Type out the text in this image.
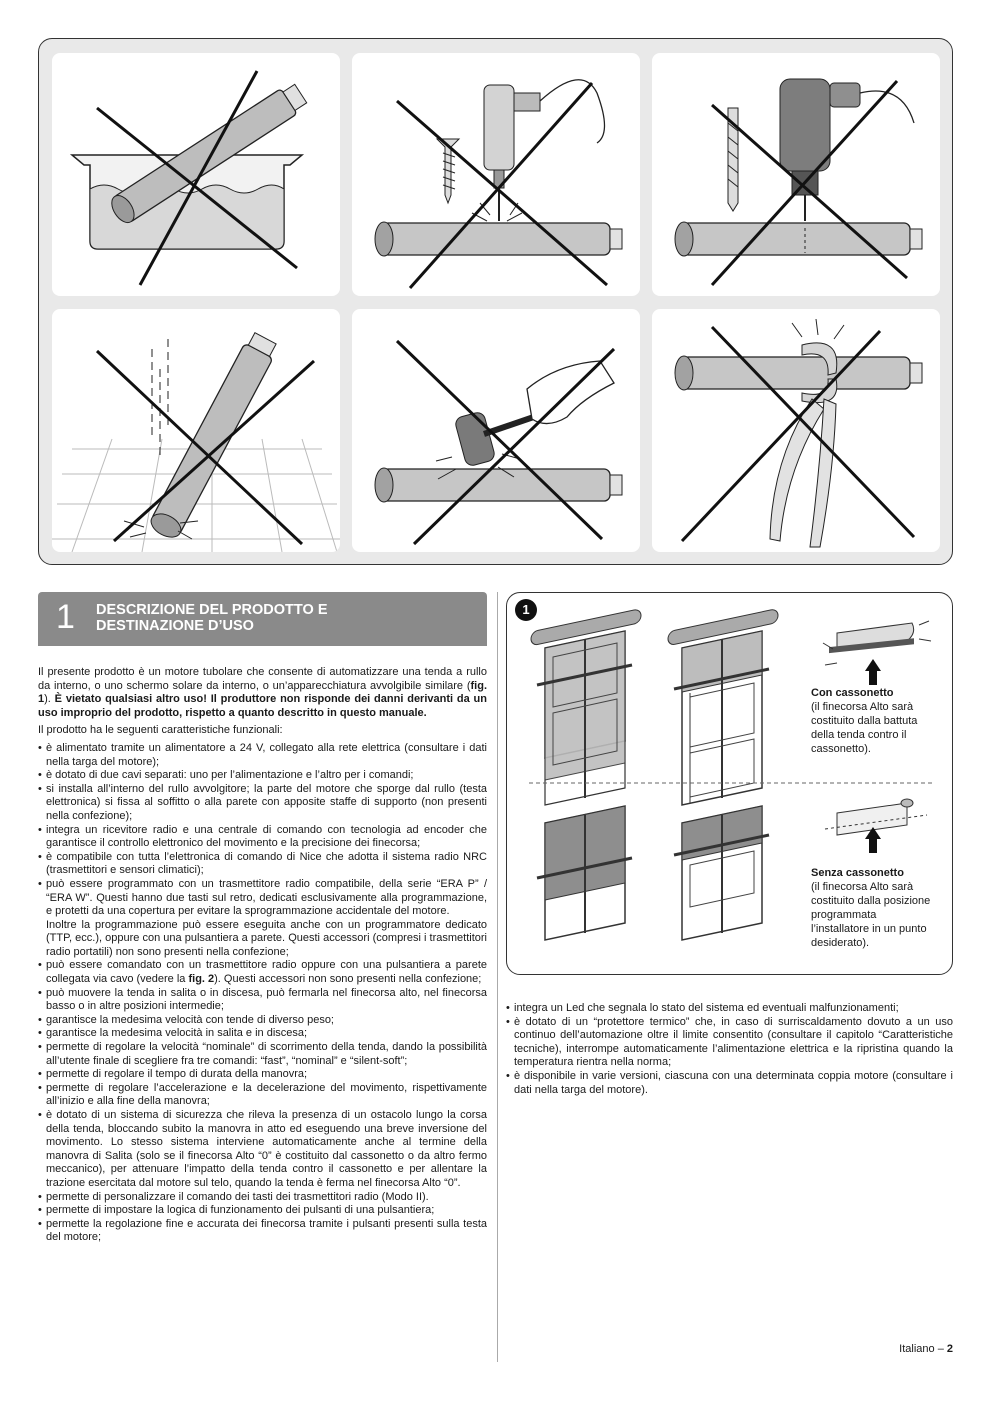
1 DESCRIZIONE DEL PRODOTTO E
DESTINAZIONE D’USO

Il presente prodotto è un motore tubolare che consente di automatizzare una tenda a rullo da interno, o uno schermo solare da interno, o un’apparecchiatura avvolgibile similare (fig. 1). È vietato qualsiasi altro uso! Il produttore non risponde dei danni derivanti da un uso improprio del prodotto, rispetto a quanto descritto in questo manuale.

Il prodotto ha le seguenti caratteristiche funzionali:

• è alimentato tramite un alimentatore a 24 V, collegato alla rete elettrica (consultare i dati nella targa del motore);
• è dotato di due cavi separati: uno per l’alimentazione e l’altro per i comandi;
• si installa all’interno del rullo avvolgitore; la parte del motore che sporge dal rullo (testa elettronica) si fissa al soffitto o alla parete con apposite staffe di supporto (non presenti nella confezione);
• integra un ricevitore radio e una centrale di comando con tecnologia ad encoder che garantisce il controllo elettronico del movimento e la precisione dei finecorsa;
• è compatibile con tutta l’elettronica di comando di Nice che adotta il sistema radio NRC (trasmettitori e sensori climatici);
• può essere programmato con un trasmettitore radio compatibile, della serie “ERA P” / “ERA W”. Questi hanno due tasti sul retro, dedicati esclusivamente alla programmazione, e protetti da una copertura per evitare la sprogrammazione accidentale del motore.
Inoltre la programmazione può essere eseguita anche con un programmatore dedicato (TTP, ecc.), oppure con una pulsantiera a parete. Questi accessori (compresi i trasmettitori radio portatili) non sono presenti nella confezione;
• può essere comandato con un trasmettitore radio oppure con una pulsantiera a parete collegata via cavo (vedere la fig. 2). Questi accessori non sono presenti nella confezione;
• può muovere la tenda in salita o in discesa, può fermarla nel finecorsa alto, nel finecorsa basso o in altre posizioni intermedie;
• garantisce la medesima velocità con tende di diverso peso;
• garantisce la medesima velocità in salita e in discesa;
• permette di regolare la velocità “nominale” di scorrimento della tenda, dando la possibilità all’utente finale di scegliere fra tre comandi: “fast”, “nominal” e “silent-soft”;
• permette di regolare il tempo di durata della manovra;
• permette di regolare l’accelerazione e la decelerazione del movimento, rispettivamente all’inizio e alla fine della manovra;
• è dotato di un sistema di sicurezza che rileva la presenza di un ostacolo lungo la corsa della tenda, bloccando subito la manovra in atto ed eseguendo una breve inversione del movimento. Lo stesso sistema interviene automaticamente anche al termine della manovra di Salita (solo se il finecorsa Alto “0” è costituito dal cassonetto o da altro fermo meccanico), per attenuare l’impatto della tenda contro il cassonetto e per allentare la trazione esercitata dal motore sul telo, quando la tenda è ferma nel finecorsa Alto “0”.
• permette di personalizzare il comando dei tasti dei trasmettitori radio (Modo II).
• permette di impostare la logica di funzionamento dei pulsanti di una pulsantiera;
• permette la regolazione fine e accurata dei finecorsa tramite i pulsanti presenti sulla testa del motore;
1
Con cassonetto
(il finecorsa Alto sarà costituito dalla battuta della tenda contro il cassonetto).
Senza cassonetto
(il finecorsa Alto sarà costituito dalla posizione programmata l’installatore in un punto desiderato).
• integra un Led che segnala lo stato del sistema ed eventuali malfunzionamenti;
• è dotato di un “protettore termico” che, in caso di surriscaldamento dovuto a un uso continuo dell’automazione oltre il limite consentito (consultare il capitolo “Caratteristiche tecniche), interrompe automaticamente l’alimentazione elettrica e la ripristina quando la temperatura rientra nella norma;
• è disponibile in varie versioni, ciascuna con una determinata coppia motore (consultare i dati nella targa del motore).
Italiano – 2
